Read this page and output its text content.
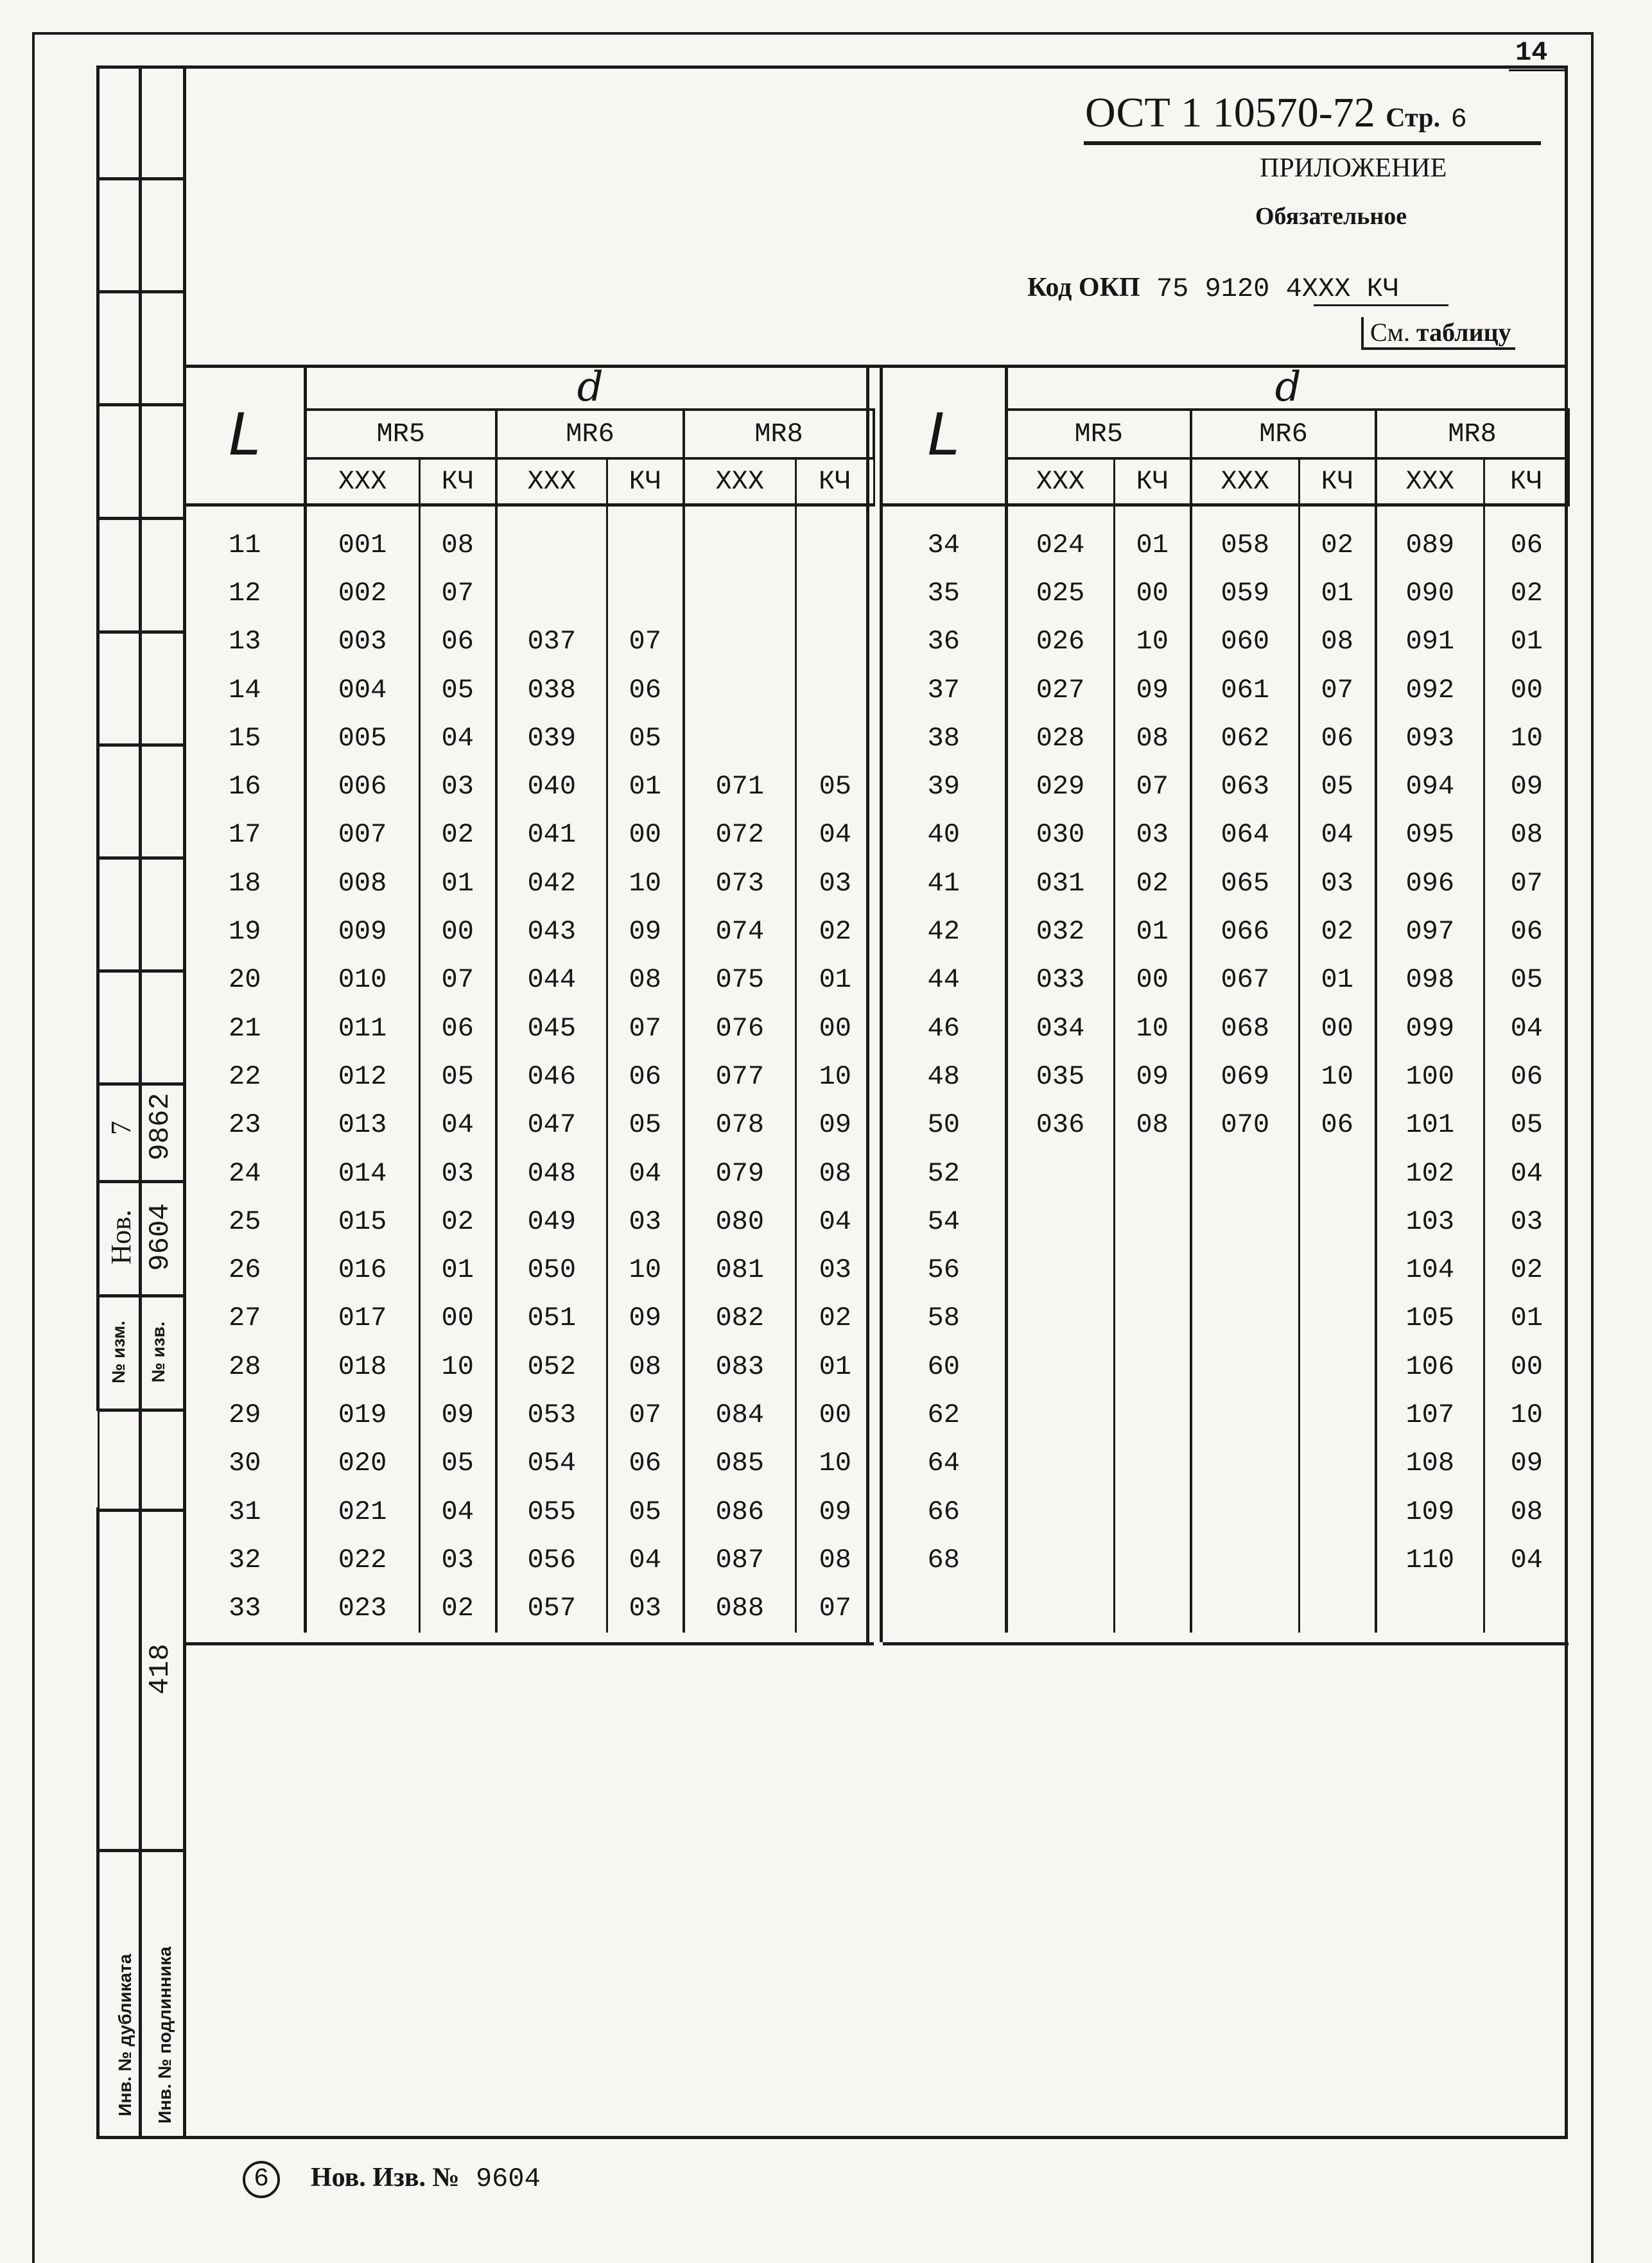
14
7 9862
Нов. 9604
№ изм.	№ изв.
418
Инв. № дубликата	Инв. № подлинника
ОСТ 1 10570-72 Стр. 6
ПРИЛОЖЕНИЕ
Обязательное
Код ОКП 75 9120 4XXX КЧ
См. таблицу
L	d					
	MR5		MR6		MR8	
	XXX	КЧ	XXX	КЧ	XXX	КЧ

11	001	08				
12	002	07				
13	003	06	037	07		
14	004	05	038	06		
15	005	04	039	05		
16	006	03	040	01	071	05
17	007	02	041	00	072	04
18	008	01	042	10	073	03
19	009	00	043	09	074	02
20	010	07	044	08	075	01
21	011	06	045	07	076	00
22	012	05	046	06	077	10
23	013	04	047	05	078	09
24	014	03	048	04	079	08
25	015	02	049	03	080	04
26	016	01	050	10	081	03
27	017	00	051	09	082	02
28	018	10	052	08	083	01
29	019	09	053	07	084	00
30	020	05	054	06	085	10
31	021	04	055	05	086	09
32	022	03	056	04	087	08
33	023	02	057	03	088	07

L	d					
	MR5		MR6		MR8	
	XXX	КЧ	XXX	КЧ	XXX	КЧ

34	024	01	058	02	089	06
35	025	00	059	01	090	02
36	026	10	060	08	091	01
37	027	09	061	07	092	00
38	028	08	062	06	093	10
39	029	07	063	05	094	09
40	030	03	064	04	095	08
41	031	02	065	03	096	07
42	032	01	066	02	097	06
44	033	00	067	01	098	05
46	034	10	068	00	099	04
48	035	09	069	10	100	06
50	036	08	070	06	101	05
52					102	04
54					103	03
56					104	02
58					105	01
60					106	00
62					107	10
64					108	09
66					109	08
68					110	04

6	Нов. Изв. № 9604
